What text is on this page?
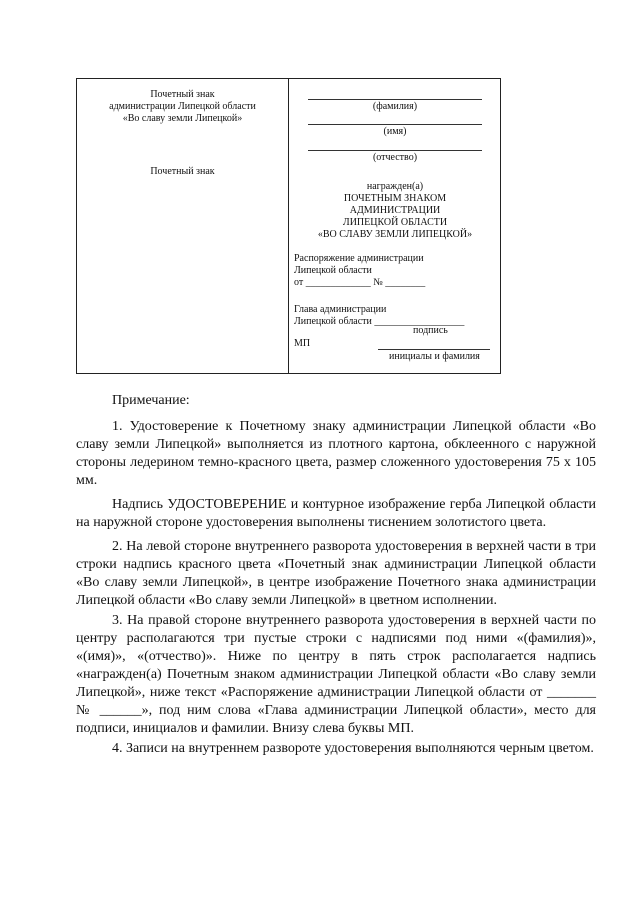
Почетный знак
администрации Липецкой области
«Во славу земли Липецкой»
Почетный знак
(фамилия)
(имя)
(отчество)
награжден(а)
ПОЧЕТНЫМ ЗНАКОМ
АДМИНИСТРАЦИИ
ЛИПЕЦКОЙ ОБЛАСТИ
«ВО СЛАВУ ЗЕМЛИ ЛИПЕЦКОЙ»
Распоряжение администрации
Липецкой области
от _____________ № ________
Глава администрации
Липецкой области __________________
подпись
МП
инициалы и фамилия
Примечание:

1. Удостоверение к Почетному знаку администрации Липецкой области «Во славу земли Липецкой» выполняется из плотного картона, обклеенного с наружной стороны ледерином темно-красного цвета, размер сложенного удостоверения 75 х 105 мм.

Надпись УДОСТОВЕРЕНИЕ и контурное изображение герба Липецкой области на наружной стороне удостоверения выполнены тиснением золотистого цвета.

2. На левой стороне внутреннего разворота удостоверения в верхней части в три строки надпись красного цвета «Почетный знак администрации Липецкой области «Во славу земли Липецкой», в центре изображение Почетного знака администрации Липецкой области «Во славу земли Липецкой» в цветном исполнении.

3. На правой стороне внутреннего разворота удостоверения в верхней части по центру располагаются три пустые строки с надписями под ними «(фамилия)», «(имя)», «(отчество)». Ниже по центру в пять строк располагается надпись «награжден(а) Почетным знаком администрации Липецкой области «Во славу земли Липецкой», ниже текст «Распоряжение администрации Липецкой области от _______ № ______», под ним слова «Глава администрации Липецкой области», место для подписи, инициалов и фамилии. Внизу слева буквы МП.

4. Записи на внутреннем развороте удостоверения выполняются черным цветом.
